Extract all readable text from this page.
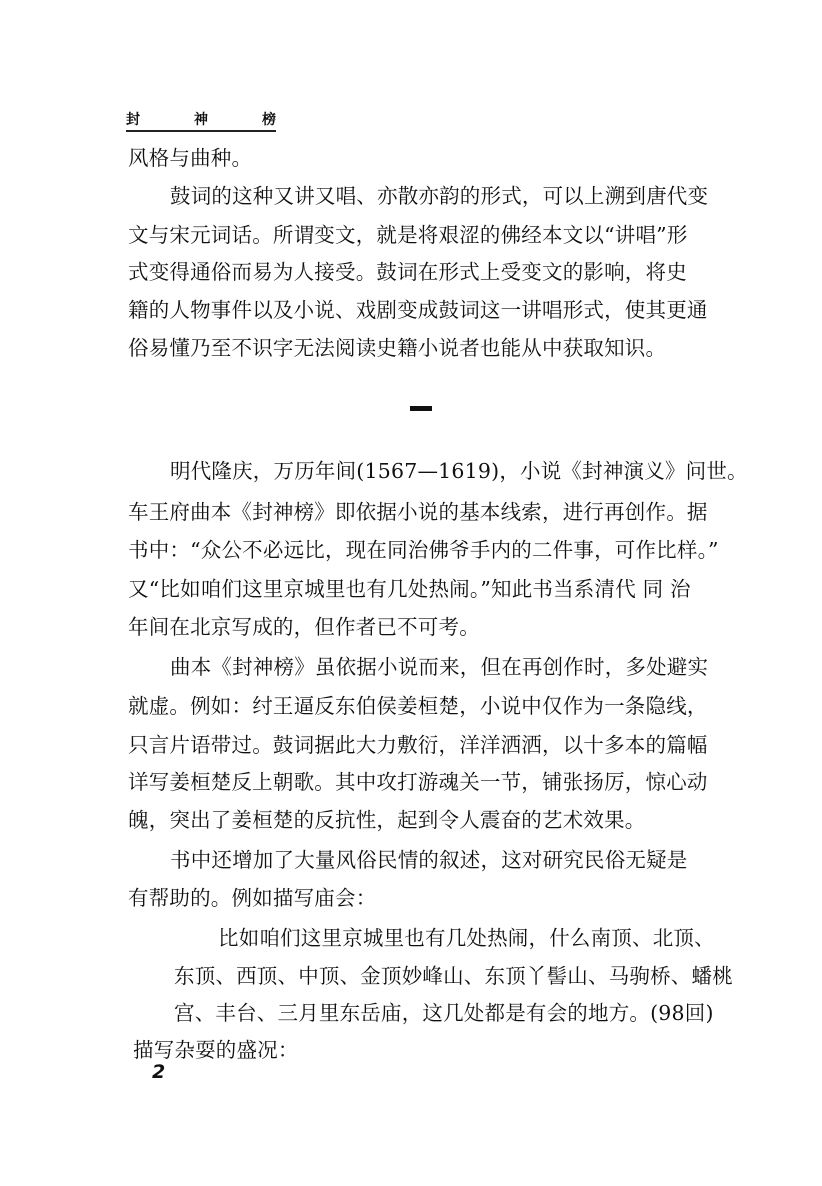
封	神	榜
风格与曲种。
鼓词的这种又讲又唱、亦散亦韵的形式，可以上溯到唐代变
文与宋元词话。所谓变文，就是将艰涩的佛经本文以“讲唱”形
式变得通俗而易为人接受。鼓词在形式上受变文的影响，将史
籍的人物事件以及小说、戏剧变成鼓词这一讲唱形式，使其更通
俗易懂乃至不识字无法阅读史籍小说者也能从中获取知识。
明代隆庆，万历年间(1567—1619)，小说《封神演义》问世。
车王府曲本《封神榜》即依据小说的基本线索，进行再创作。据
书中：“众公不必远比，现在同治佛爷手内的二件事，可作比样。”
又“比如咱们这里京城里也有几处热闹。”知此书当系清代 同 治
年间在北京写成的，但作者已不可考。
曲本《封神榜》虽依据小说而来，但在再创作时，多处避实
就虚。例如：纣王逼反东伯侯姜桓楚，小说中仅作为一条隐线，
只言片语带过。鼓词据此大力敷衍，洋洋洒洒，以十多本的篇幅
详写姜桓楚反上朝歌。其中攻打游魂关一节，铺张扬厉，惊心动
魄，突出了姜桓楚的反抗性，起到令人震奋的艺术效果。
书中还增加了大量风俗民情的叙述，这对研究民俗无疑是
有帮助的。例如描写庙会：
比如咱们这里京城里也有几处热闹，什么南顶、北顶、
东顶、西顶、中顶、金顶妙峰山、东顶丫髻山、马驹桥、蟠桃
宫、丰台、三月里东岳庙，这几处都是有会的地方。(98回)
描写杂耍的盛况：
2
